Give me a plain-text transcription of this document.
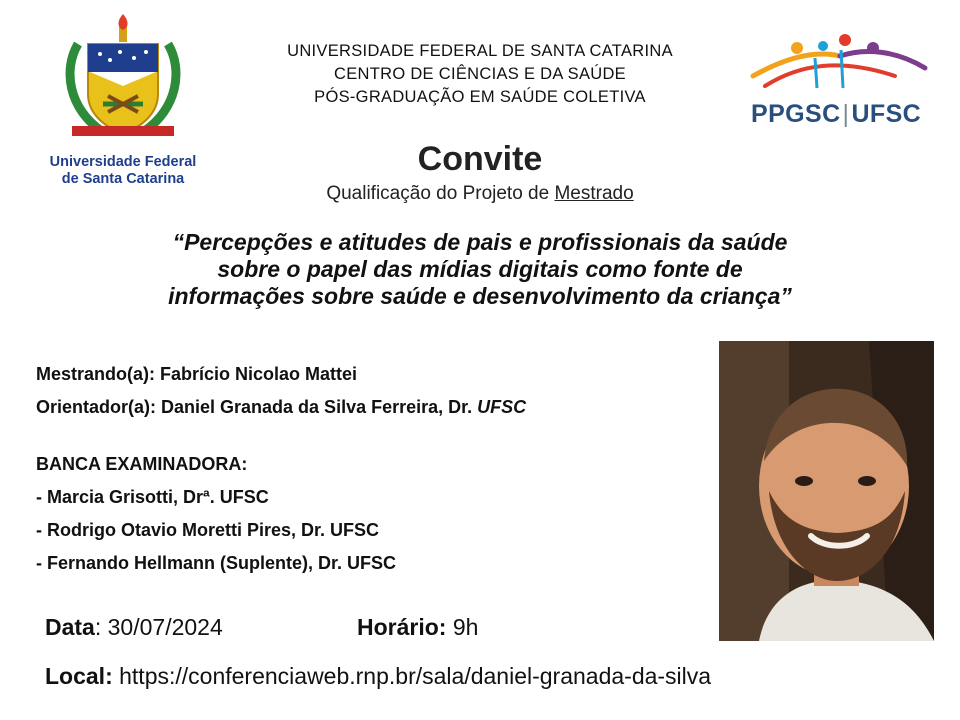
Universidade Federal
de Santa Catarina
UNIVERSIDADE FEDERAL DE SANTA CATARINA
CENTRO DE CIÊNCIAS E DA SAÚDE
PÓS-GRADUAÇÃO EM SAÚDE COLETIVA
PPGSC|UFSC
Convite
Qualificação do Projeto de Mestrado
“Percepções e atitudes de pais e profissionais da saúde
sobre o papel das mídias digitais como fonte de
informações sobre saúde e desenvolvimento da criança”
Mestrando(a): Fabrício Nicolao Mattei
Orientador(a): Daniel Granada da Silva Ferreira, Dr. UFSC
BANCA EXAMINADORA:
- Marcia Grisotti, Drª. UFSC
- Rodrigo Otavio Moretti Pires, Dr. UFSC
- Fernando Hellmann (Suplente), Dr. UFSC
Data: 30/07/2024	Horário: 9h
Local: https://conferenciaweb.rnp.br/sala/daniel-granada-da-silva
